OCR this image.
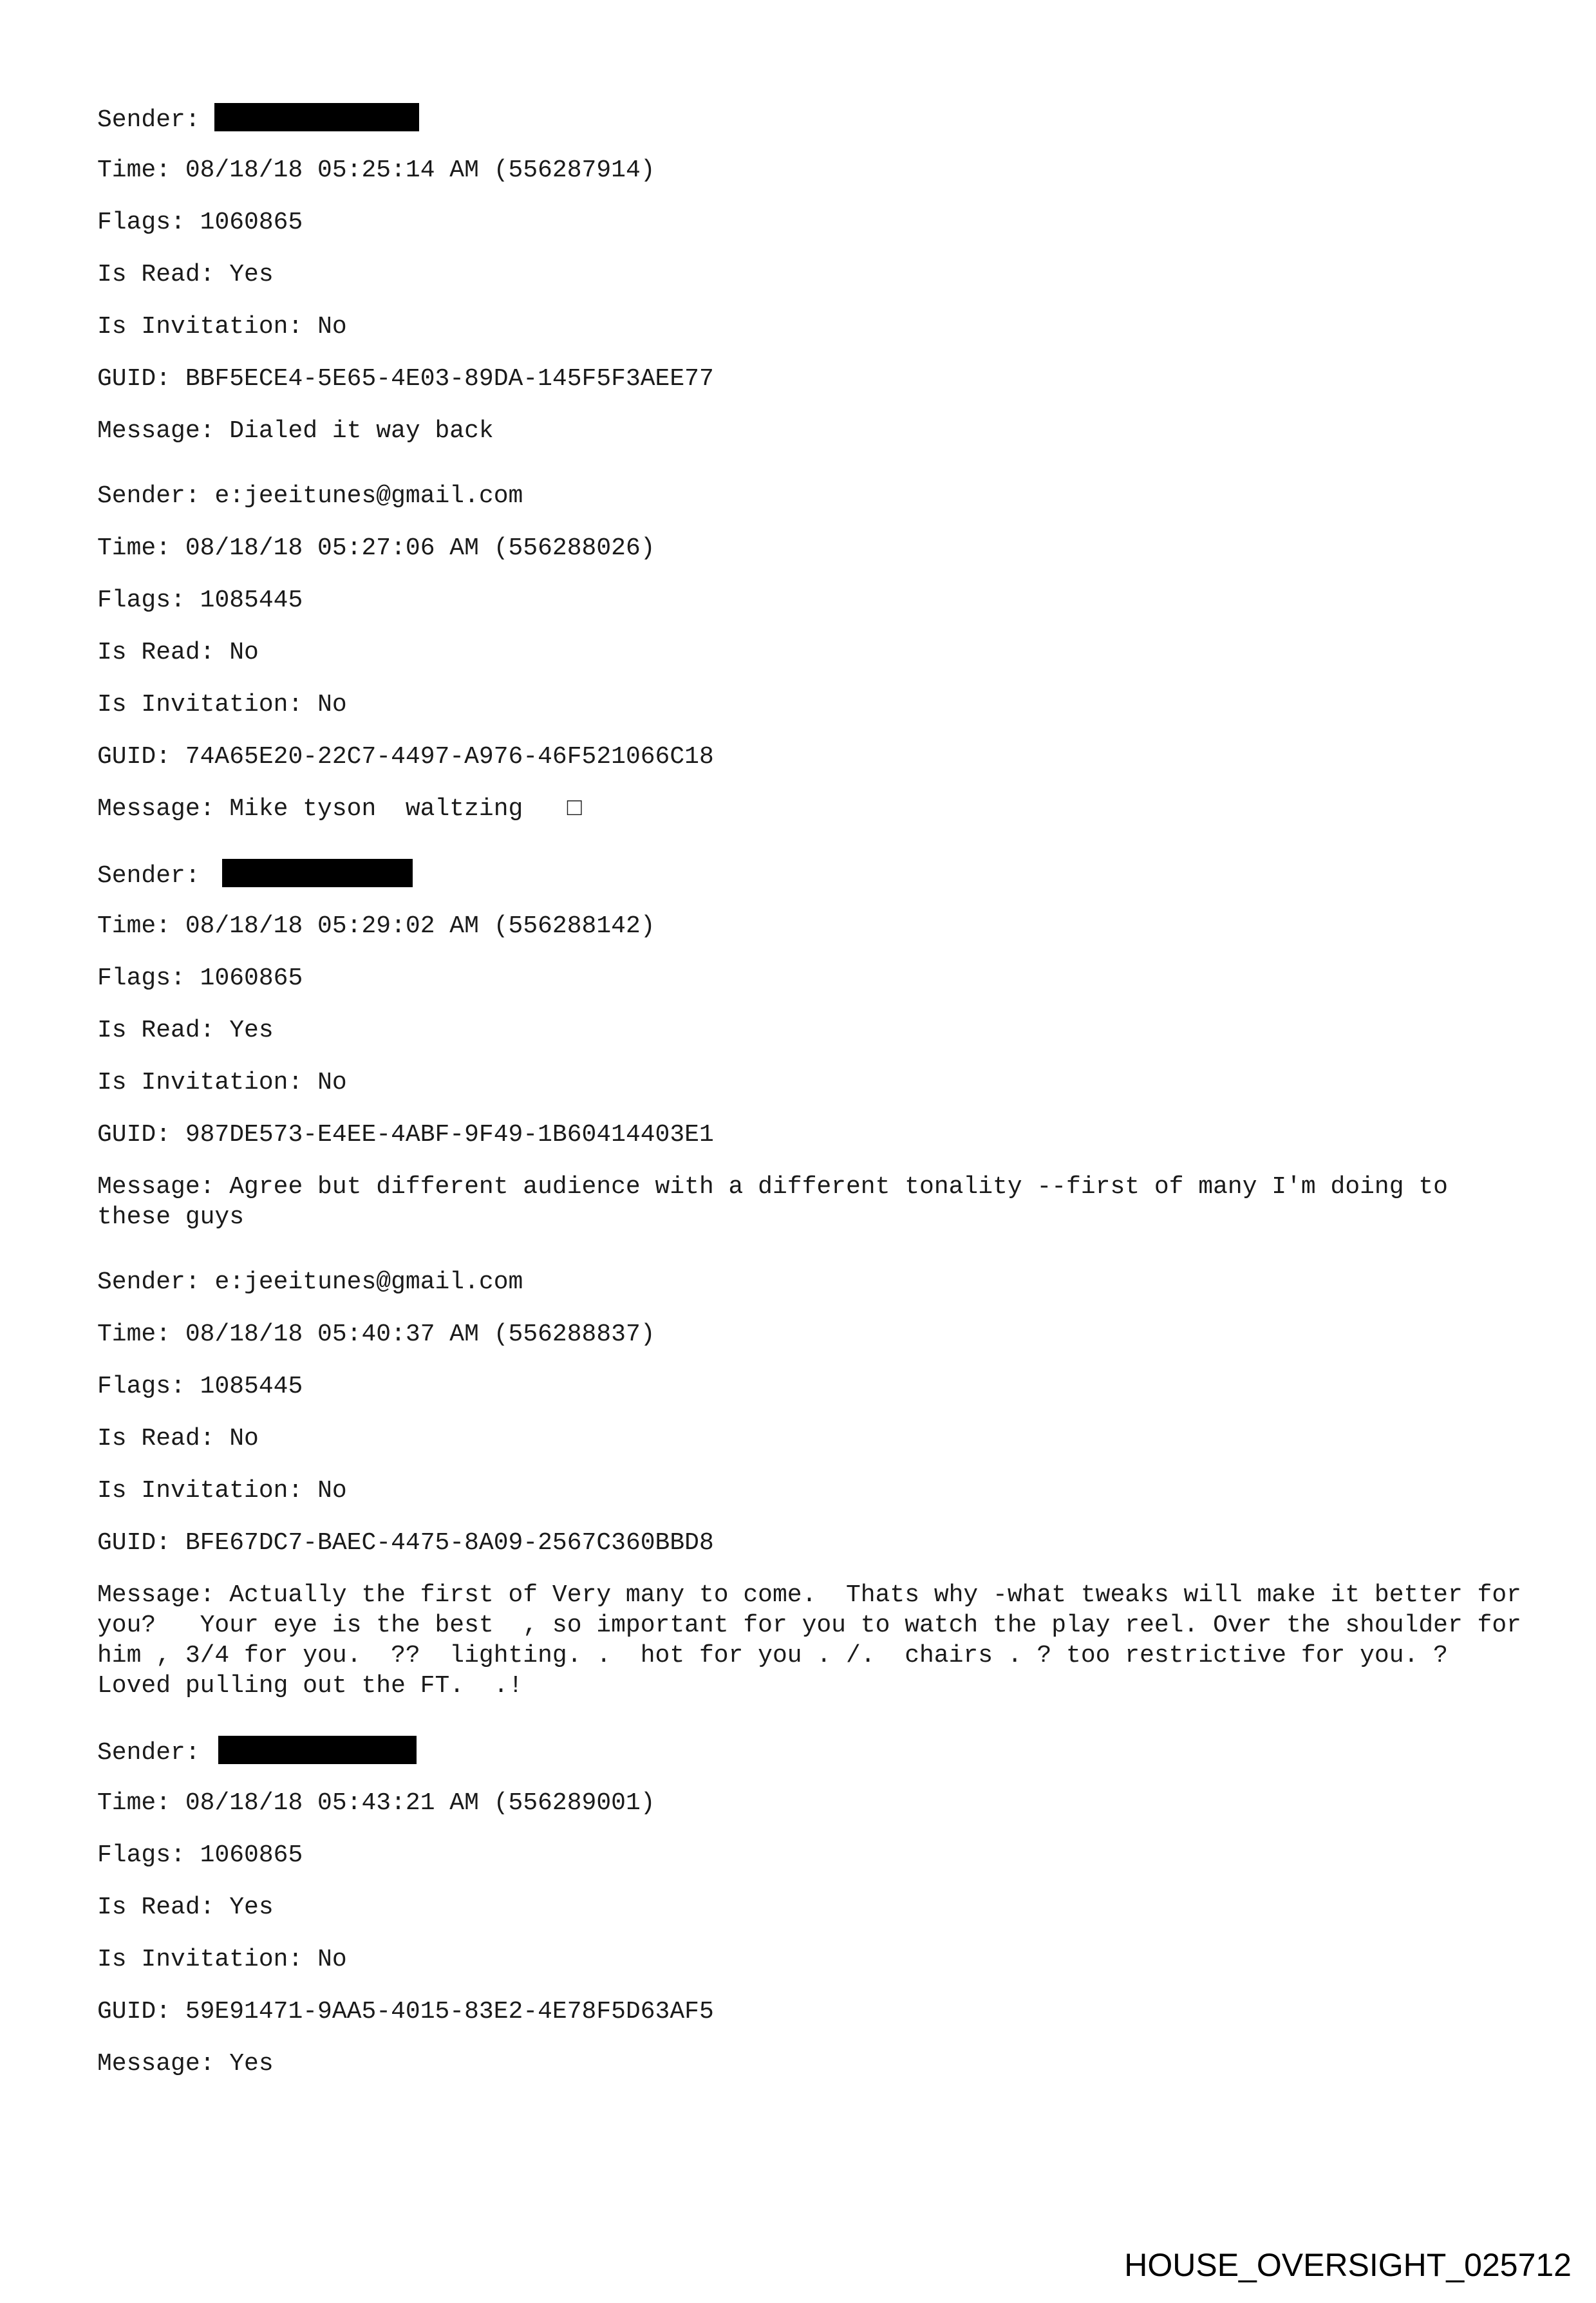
Sender:
Time: 08/18/18 05:25:14 AM (556287914)
Flags: 1060865
Is Read: Yes
Is Invitation: No
GUID: BBF5ECE4-5E65-4E03-89DA-145F5F3AEE77
Message: Dialed it way back
Sender: e:jeeitunes@gmail.com
Time: 08/18/18 05:27:06 AM (556288026)
Flags: 1085445
Is Read: No
Is Invitation: No
GUID: 74A65E20-22C7-4497-A976-46F521066C18
Message: Mike tyson  waltzing   □
Sender:
Time: 08/18/18 05:29:02 AM (556288142)
Flags: 1060865
Is Read: Yes
Is Invitation: No
GUID: 987DE573-E4EE-4ABF-9F49-1B60414403E1
Message: Agree but different audience with a different tonality --first of many I'm doing to these guys
Sender: e:jeeitunes@gmail.com
Time: 08/18/18 05:40:37 AM (556288837)
Flags: 1085445
Is Read: No
Is Invitation: No
GUID: BFE67DC7-BAEC-4475-8A09-2567C360BBD8
Message: Actually the first of Very many to come.  Thats why -what tweaks will make it better for you?   Your eye is the best  , so important for you to watch the play reel. Over the shoulder for him , 3/4 for you.  ??  lighting. .  hot for you . /.  chairs . ? too restrictive for you. ?     Loved pulling out the FT.  .!
Sender:
Time: 08/18/18 05:43:21 AM (556289001)
Flags: 1060865
Is Read: Yes
Is Invitation: No
GUID: 59E91471-9AA5-4015-83E2-4E78F5D63AF5
Message: Yes
HOUSE_OVERSIGHT_025712
